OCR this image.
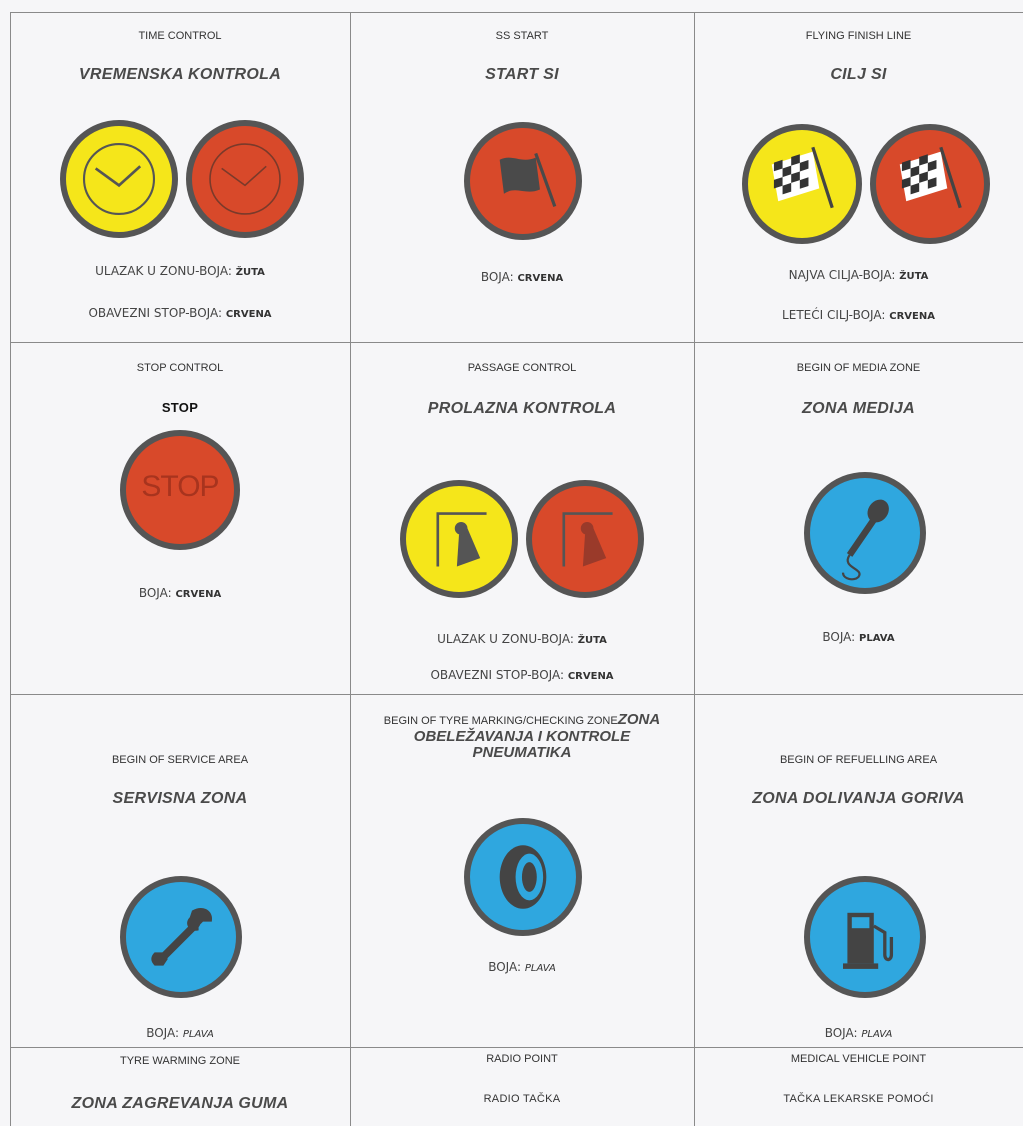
TIME CONTROL
VREMENSKA KONTROLA
ULAZAK U ZONU-BOJA: ŽUTA
OBAVEZNI STOP-BOJA: CRVENA
SS START
START SI
BOJA: CRVENA
FLYING FINISH LINE
CILJ SI
NAJVA CILJA-BOJA: ŽUTA
LETEĆI CILJ-BOJA: CRVENA
STOP CONTROL
STOP
STOP
BOJA: CRVENA
PASSAGE CONTROL
PROLAZNA KONTROLA
ULAZAK U ZONU-BOJA: ŽUTA
OBAVEZNI STOP-BOJA: CRVENA
BEGIN OF MEDIA ZONE
ZONA MEDIJA
BOJA: PLAVA
BEGIN OF SERVICE AREA
SERVISNA ZONA
BOJA: PLAVA
BEGIN OF TYRE MARKING/CHECKING ZONEZONA
OBELEŽAVANJA I KONTROLE
PNEUMATIKA
BOJA: PLAVA
BEGIN OF REFUELLING AREA
ZONA DOLIVANJA GORIVA
BOJA: PLAVA
TYRE WARMING ZONE
ZONA ZAGREVANJA GUMA
RADIO POINT
RADIO TAČKA
MEDICAL VEHICLE POINT
TAČKA LEKARSKE POMOĆI
